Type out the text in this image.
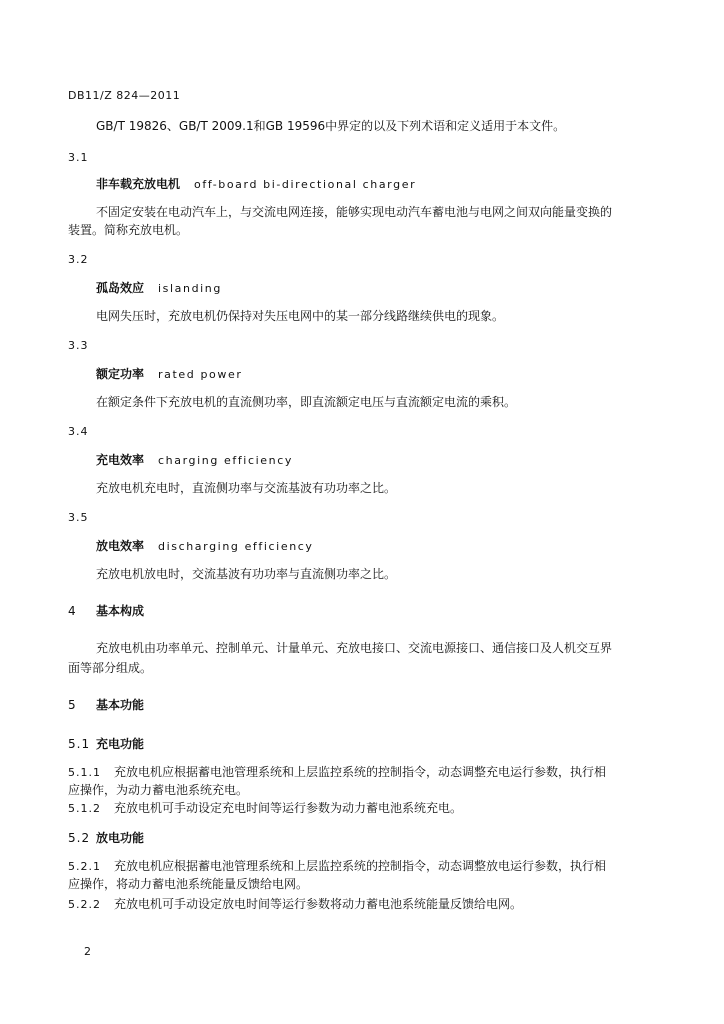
DB11/Z 824—2011
GB/T 19826、GB/T 2009.1和GB 19596中界定的以及下列术语和定义适用于本文件。
3.1
非车载充放电机 off-board bi-directional charger
不固定安装在电动汽车上，与交流电网连接，能够实现电动汽车蓄电池与电网之间双向能量变换的
装置。简称充放电机。
3.2
孤岛效应 islanding
电网失压时，充放电机仍保持对失压电网中的某一部分线路继续供电的现象。
3.3
额定功率 rated power
在额定条件下充放电机的直流侧功率，即直流额定电压与直流额定电流的乘积。
3.4
充电效率 charging efficiency
充放电机充电时，直流侧功率与交流基波有功功率之比。
3.5
放电效率 discharging efficiency
充放电机放电时，交流基波有功功率与直流侧功率之比。
4 基本构成
充放电机由功率单元、控制单元、计量单元、充放电接口、交流电源接口、通信接口及人机交互界
面等部分组成。
5 基本功能
5.1 充电功能
5.1.1 充放电机应根据蓄电池管理系统和上层监控系统的控制指令，动态调整充电运行参数，执行相
应操作，为动力蓄电池系统充电。
5.1.2 充放电机可手动设定充电时间等运行参数为动力蓄电池系统充电。
5.2 放电功能
5.2.1 充放电机应根据蓄电池管理系统和上层监控系统的控制指令，动态调整放电运行参数，执行相
应操作，将动力蓄电池系统能量反馈给电网。
5.2.2 充放电机可手动设定放电时间等运行参数将动力蓄电池系统能量反馈给电网。
2
